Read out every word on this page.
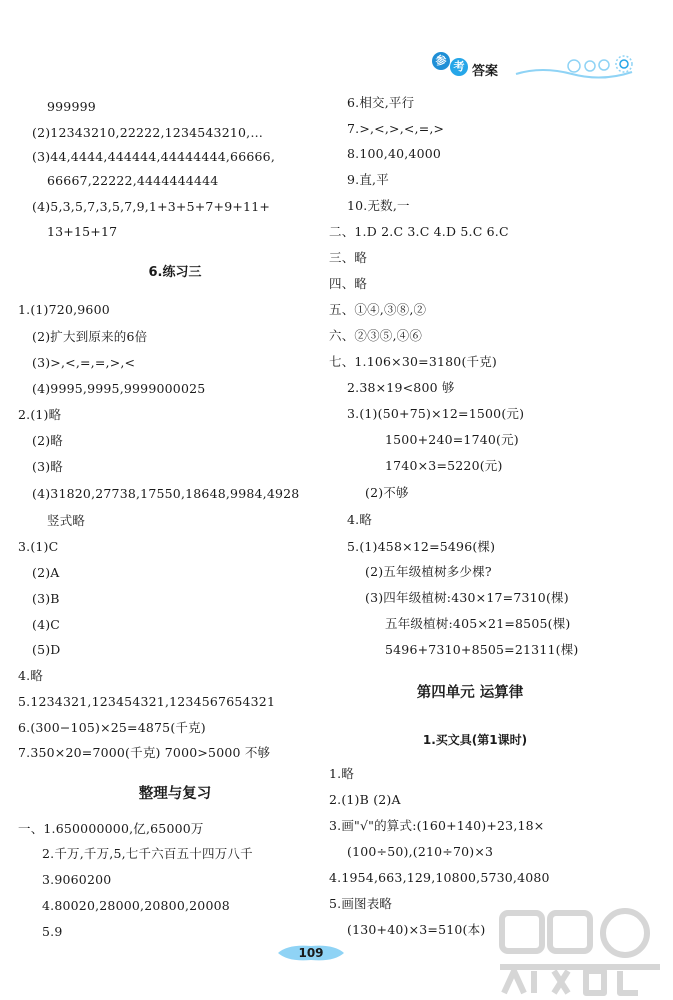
参 考 答案
999999
(2)12343210,22222,1234543210,…
(3)44,4444,444444,44444444,66666,
66667,22222,4444444444
(4)5,3,5,7,3,5,7,9,1+3+5+7+9+11+
13+15+17
6.练习三
1.(1)720,9600
(2)扩大到原来的6倍
(3)>,<,=,=,>,<
(4)9995,9995,9999000025
2.(1)略
(2)略
(3)略
(4)31820,27738,17550,18648,9984,4928
竖式略
3.(1)C
(2)A
(3)B
(4)C
(5)D
4.略
5.1234321,123454321,1234567654321
6.(300−105)×25=4875(千克)
7.350×20=7000(千克) 7000>5000 不够
整理与复习
一、1.650000000,亿,65000万
2.千万,千万,5,七千六百五十四万八千
3.9060200
4.80020,28000,20800,20008
5.9
6.相交,平行
7.>,<,>,<,=,>
8.100,40,4000
9.直,平
10.无数,一
二、1.D 2.C 3.C 4.D 5.C 6.C
三、略
四、略
五、①④,③⑧,②
六、②③⑤,④⑥
七、1.106×30=3180(千克)
2.38×19<800 够
3.(1)(50+75)×12=1500(元)
1500+240=1740(元)
1740×3=5220(元)
(2)不够
4.略
5.(1)458×12=5496(棵)
(2)五年级植树多少棵?
(3)四年级植树:430×17=7310(棵)
五年级植树:405×21=8505(棵)
5496+7310+8505=21311(棵)
第四单元 运算律
1.买文具(第1课时)
1.略
2.(1)B (2)A
3.画"√"的算式:(160+140)+23,18×
(100÷50),(210÷70)×3
4.1954,663,129,10800,5730,4080
5.画图表略
(130+40)×3=510(本)
109
